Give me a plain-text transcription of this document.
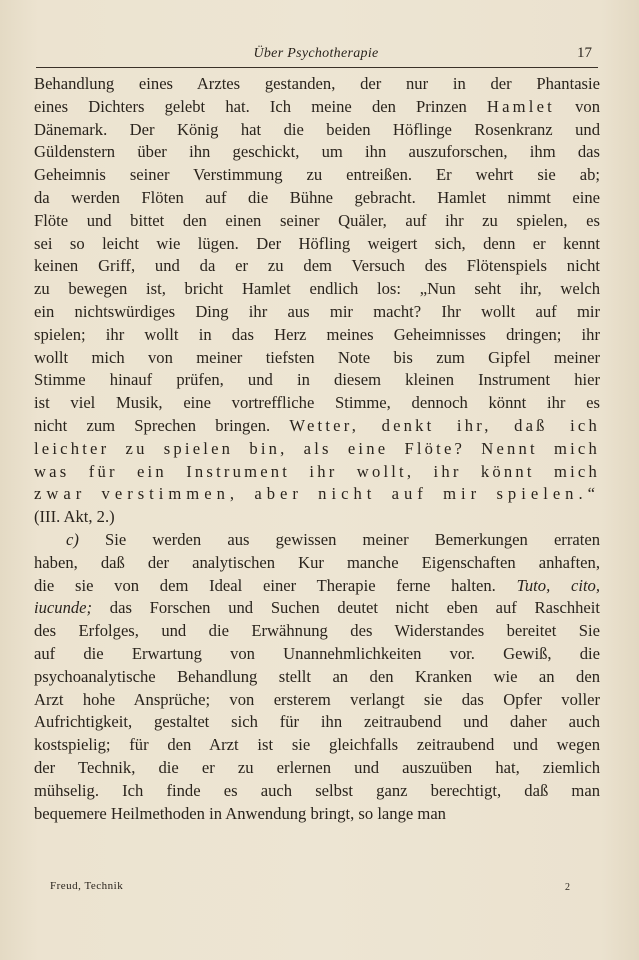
Über Psychotherapie	17
Behandlung eines Arztes gestanden, der nur in der Phantasie
eines Dichters gelebt hat. Ich meine den Prinzen Hamlet von
Dänemark. Der König hat die beiden Höflinge Rosenkranz und
Güldenstern über ihn geschickt, um ihn auszuforschen, ihm das
Geheimnis seiner Verstimmung zu entreißen. Er wehrt sie ab;
da werden Flöten auf die Bühne gebracht. Hamlet nimmt eine
Flöte und bittet den einen seiner Quäler, auf ihr zu spielen, es
sei so leicht wie lügen. Der Höfling weigert sich, denn er kennt
keinen Griff, und da er zu dem Versuch des Flötenspiels nicht
zu bewegen ist, bricht Hamlet endlich los: „Nun seht ihr, welch
ein nichtswürdiges Ding ihr aus mir macht? Ihr wollt auf mir
spielen; ihr wollt in das Herz meines Geheimnisses dringen; ihr
wollt mich von meiner tiefsten Note bis zum Gipfel meiner
Stimme hinauf prüfen, und in diesem kleinen Instrument hier
ist viel Musik, eine vortreffliche Stimme, dennoch könnt ihr es
nicht zum Sprechen bringen. Wetter, denkt ihr, daß ich
leichter zu spielen bin, als eine Flöte? Nennt mich
was für ein Instrument ihr wollt, ihr könnt mich
zwar verstimmen, aber nicht auf mir spielen.“
(III. Akt, 2.)
c) Sie werden aus gewissen meiner Bemerkungen erraten
haben, daß der analytischen Kur manche Eigenschaften anhaften,
die sie von dem Ideal einer Therapie ferne halten. Tuto, cito,
iucunde; das Forschen und Suchen deutet nicht eben auf Raschheit
des Erfolges, und die Erwähnung des Widerstandes bereitet Sie
auf die Erwartung von Unannehmlichkeiten vor. Gewiß, die
psychoanalytische Behandlung stellt an den Kranken wie an den
Arzt hohe Ansprüche; von ersterem verlangt sie das Opfer voller
Aufrichtigkeit, gestaltet sich für ihn zeitraubend und daher auch
kostspielig; für den Arzt ist sie gleichfalls zeitraubend und wegen
der Technik, die er zu erlernen und auszuüben hat, ziemlich
mühselig. Ich finde es auch selbst ganz berechtigt, daß man
bequemere Heilmethoden in Anwendung bringt, so lange man
Freud, Technik	2
